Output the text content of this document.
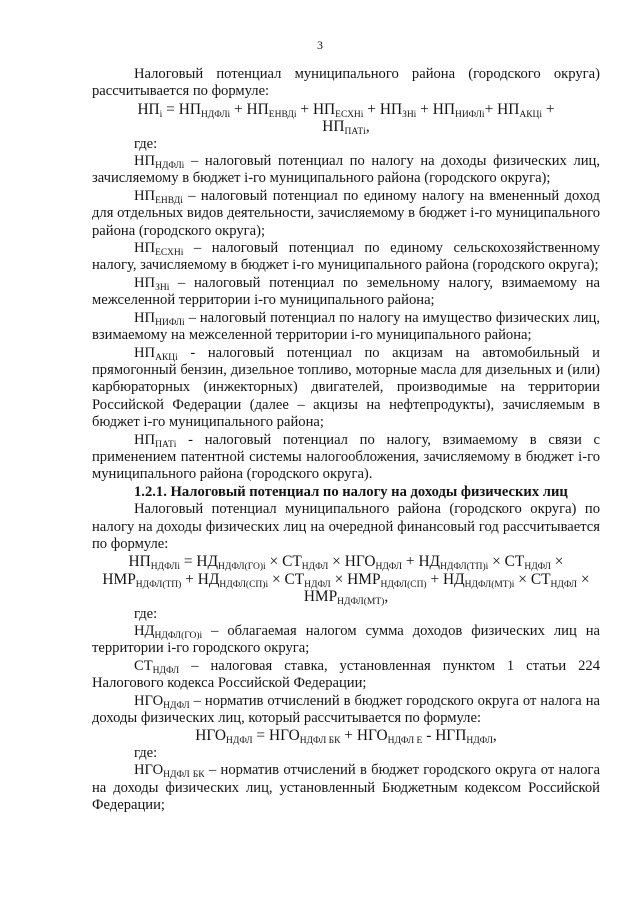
3

Налоговый потенциал муниципального района (городского округа) рассчитывается по формуле:

$НП_i = НП_{НДФЛi} + НП_{ЕНВДi} + НП_{ЕСХНi} + НП_{ЗНi} + НП_{НИФЛi}+ НП_{АКЦi}$ +
$НП_{ПАТi}$,

где:

$НП_{НДФЛi}$ – налоговый потенциал по налогу на доходы физических лиц, зачисляемому в бюджет i-го муниципального района (городского округа);

$НП_{ЕНВДi}$ – налоговый потенциал по единому налогу на вмененный доход для отдельных видов деятельности, зачисляемому в бюджет i-го муниципального района (городского округа);

$НП_{ЕСХНi}$ – налоговый потенциал по единому сельскохозяйственному налогу, зачисляемому в бюджет i-го муниципального района (городского округа);

$НП_{ЗНi}$ – налоговый потенциал по земельному налогу, взимаемому на межселенной территории i-го муниципального района;

$НП_{НИФЛi}$ – налоговый потенциал по налогу на имущество физических лиц, взимаемому на межселенной территории i-го муниципального района;

$НП_{АКЦi}$ - налоговый потенциал по акцизам на автомобильный и прямогонный бензин, дизельное топливо, моторные масла для дизельных и (или) карбюраторных (инжекторных) двигателей, производимые на территории Российской Федерации (далее – акцизы на нефтепродукты), зачисляемым в бюджет i-го муниципального района;

$НП_{ПАТi}$ - налоговый потенциал по налогу, взимаемому в связи с применением патентной системы налогообложения, зачисляемому в бюджет i-го муниципального района (городского округа).

1.2.1. Налоговый потенциал по налогу на доходы физических лиц

Налоговый потенциал муниципального района (городского округа) по налогу на доходы физических лиц на очередной финансовый год рассчитывается по формуле:

$НП_{НДФЛi} = НД_{НДФЛ(ГО)i} \times СТ_{НДФЛ} \times НГО_{НДФЛ} + НД_{НДФЛ(ТП)i} \times СТ_{НДФЛ}$ ×
$НМР_{НДФЛ(ТП)} + НД_{НДФЛ(СП)i} \times СТ_{НДФЛ} \times НМР_{НДФЛ(СП)} + НД_{НДФЛ(МТ)i} \times СТ_{НДФЛ}$ ×
$НМР_{НДФЛ(МТ)}$,

где:

$НД_{НДФЛ(ГО)i}$ – облагаемая налогом сумма доходов физических лиц на территории i-го городского округа;

$СТ_{НДФЛ}$ – налоговая ставка, установленная пунктом 1 статьи 224 Налогового кодекса Российской Федерации;

$НГО_{НДФЛ}$ – норматив отчислений в бюджет городского округа от налога на доходы физических лиц, который рассчитывается по формуле:

$НГО_{НДФЛ} = НГО_{НДФЛ БК} + НГО_{НДФЛ Е} - НГП_{НДФЛ}$,

где:

$НГО_{НДФЛ БК}$ – норматив отчислений в бюджет городского округа от налога на доходы физических лиц, установленный Бюджетным кодексом Российской Федерации;
